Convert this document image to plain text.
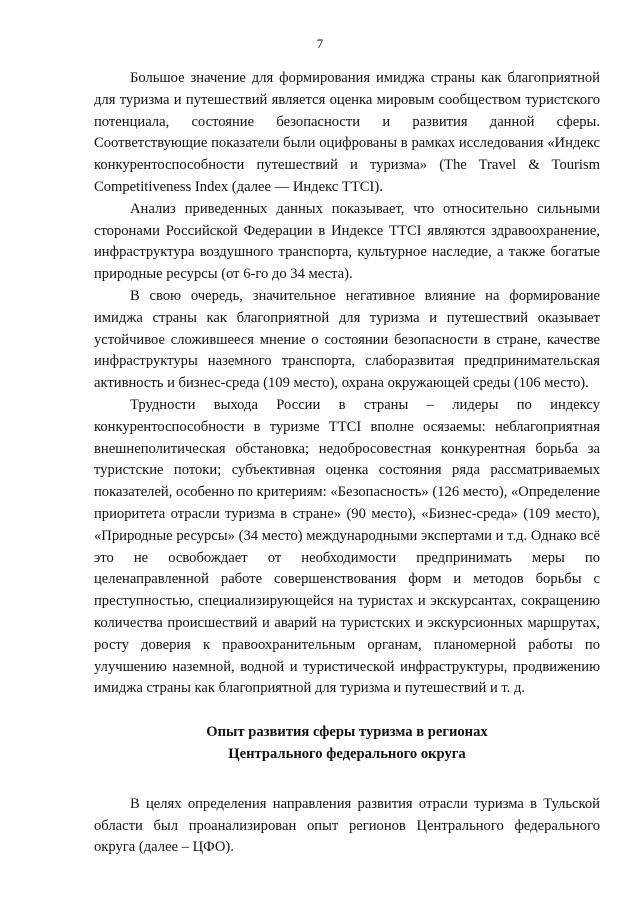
7

Большое значение для формирования имиджа страны как благоприятной для туризма и путешествий является оценка мировым сообществом туристского потенциала, состояние безопасности и развития данной сферы. Соответствующие показатели были оцифрованы в рамках исследования «Индекс конкурентоспособности путешествий и туризма» (The Travel & Tourism Competitiveness Index (далее — Индекс ТТСI).

Анализ приведенных данных показывает, что относительно сильными сторонами Российской Федерации в Индексе ТТСI являются здравоохранение, инфраструктура воздушного транспорта, культурное наследие, а также богатые природные ресурсы (от 6-го до 34 места).

В свою очередь, значительное негативное влияние на формирование имиджа страны как благоприятной для туризма и путешествий оказывает устойчивое сложившееся мнение о состоянии безопасности в стране, качестве инфраструктуры наземного транспорта, слаборазвитая предпринимательская активность и бизнес-среда (109 место), охрана окружающей среды (106 место).

Трудности выхода России в страны – лидеры по индексу конкурентоспособности в туризме ТТСI вполне осязаемы: неблагоприятная внешнеполитическая обстановка; недобросовестная конкурентная борьба за туристские потоки; субъективная оценка состояния ряда рассматриваемых показателей, особенно по критериям: «Безопасность» (126 место), «Определение приоритета отрасли туризма в стране» (90 место), «Бизнес-среда» (109 место), «Природные ресурсы» (34 место) международными экспертами и т.д. Однако всё это не освобождает от необходимости предпринимать меры по целенаправленной работе совершенствования форм и методов борьбы с преступностью, специализирующейся на туристах и экскурсантах, сокращению количества происшествий и аварий на туристских и экскурсионных маршрутах, росту доверия к правоохранительным органам, планомерной работы по улучшению наземной, водной и туристической инфраструктуры, продвижению имиджа страны как благоприятной для туризма и путешествий и т. д.

Опыт развития сферы туризма в регионах
Центрального федерального округа

В целях определения направления развития отрасли туризма в Тульской области был проанализирован опыт регионов Центрального федерального округа (далее – ЦФО).
